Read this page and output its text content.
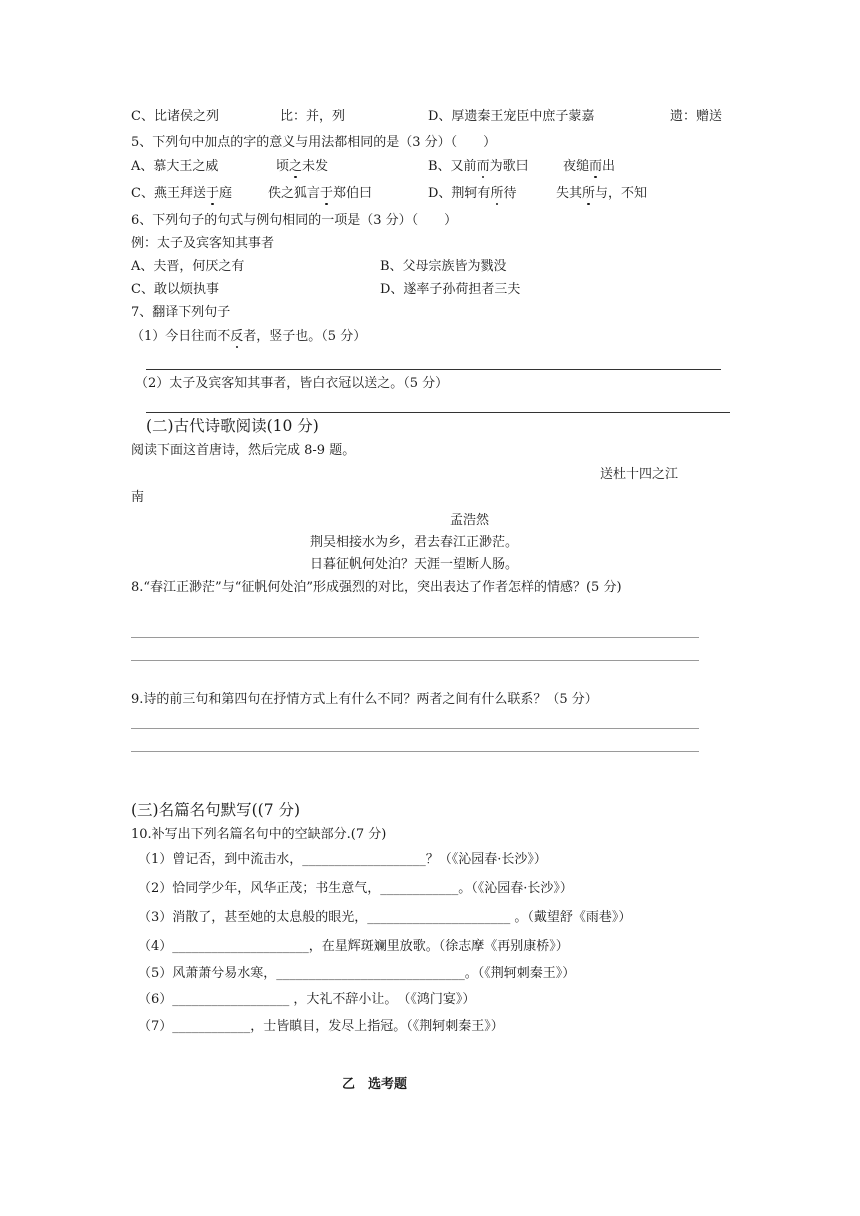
C、比诸侯之列	比：并，列	D、厚遗秦王宠臣中庶子蒙嘉	遗：赠送
5、下列句中加点的字的意义与用法都相同的是（3 分）（　　）
A、慕大王之威	顷之未发	B、又前而为歌曰	夜缒而出
C、燕王拜送于庭	佚之狐言于郑伯曰	D、荆轲有所待	失其所与，不知
6、下列句子的句式与例句相同的一项是（3 分）（　　）
例：太子及宾客知其事者
A、夫晋，何厌之有	B、父母宗族皆为戮没
C、敢以烦执事	D、遂率子孙荷担者三夫
7、翻译下列句子
（1）今日往而不反者，竖子也。（5 分）
（2）太子及宾客知其事者，皆白衣冠以送之。（5 分）
(二)古代诗歌阅读(10 分)
阅读下面这首唐诗，然后完成 8-9 题。
送杜十四之江
南
孟浩然
荆吴相接水为乡，君去春江正渺茫。
日暮征帆何处泊？天涯一望断人肠。
8.“春江正渺茫”与“征帆何处泊”形成强烈的对比，突出表达了作者怎样的情感？(5 分)
9.诗的前三句和第四句在抒情方式上有什么不同？两者之间有什么联系？（5 分）
(三)名篇名句默写((7 分)
10.补写出下列名篇名句中的空缺部分.(7 分)
（1）曾记否，到中流击水，___________________？（《沁园春·长沙》）
（2）恰同学少年，风华正茂；书生意气，____________。（《沁园春·长沙》）
（3）消散了，甚至她的太息般的眼光，______________________ 。（戴望舒《雨巷》）
（4）_____________________，在星辉斑斓里放歌。（徐志摩《再别康桥》）
（5）风萧萧兮易水寒，_____________________________。（《荆轲刺秦王》）
（6）__________________ ，大礼不辞小让。　（《鸿门宴》）
（7）____________，士皆瞋目，发尽上指冠。（《荆轲刺秦王》）
乙　选考题
